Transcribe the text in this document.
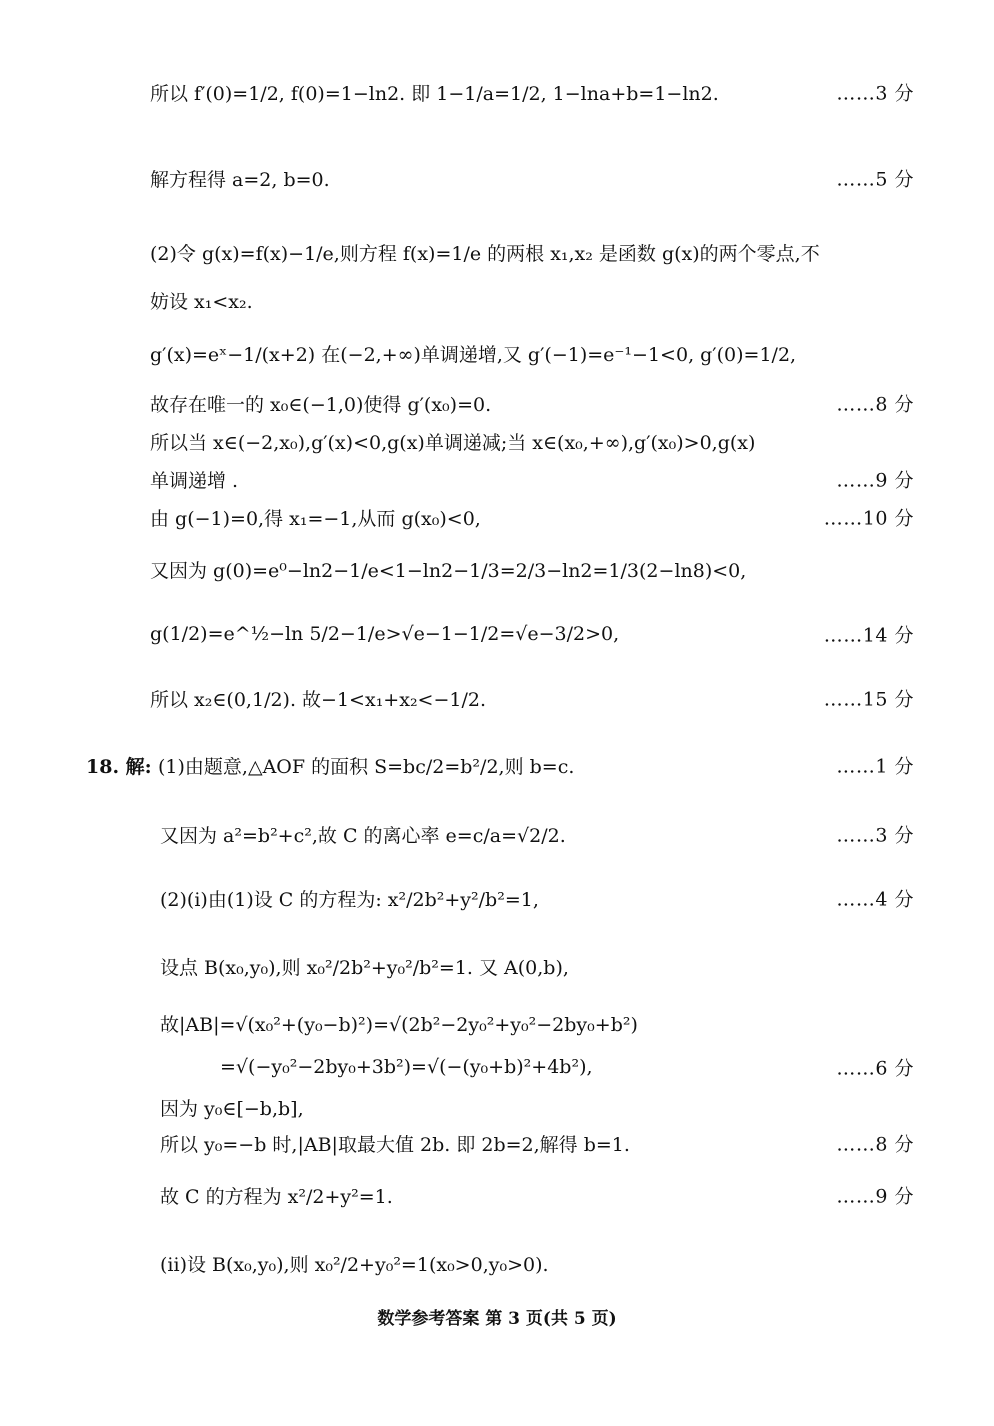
所以 f′(0)=1/2, f(0)=1−ln2. 即 1−1/a=1/2, 1−lna+b=1−ln2.	……3 分
解方程得 a=2, b=0.	……5 分
(2)令 g(x)=f(x)−1/e,则方程 f(x)=1/e 的两根 x₁,x₂ 是函数 g(x)的两个零点,不
妨设 x₁<x₂.
g′(x)=eˣ−1/(x+2) 在(−2,+∞)单调递增,又 g′(−1)=e⁻¹−1<0, g′(0)=1/2,
故存在唯一的 x₀∈(−1,0)使得 g′(x₀)=0.	……8 分
所以当 x∈(−2,x₀),g′(x)<0,g(x)单调递减;当 x∈(x₀,+∞),g′(x₀)>0,g(x)
单调递增 .	……9 分
由 g(−1)=0,得 x₁=−1,从而 g(x₀)<0,	……10 分
又因为 g(0)=e⁰−ln2−1/e<1−ln2−1/3=2/3−ln2=1/3(2−ln8)<0,
g(1/2)=e^½−ln 5/2−1/e>√e−1−1/2=√e−3/2>0,	……14 分
所以 x₂∈(0,1/2). 故−1<x₁+x₂<−1/2.	……15 分
18. 解: (1)由题意,△AOF 的面积 S=bc/2=b²/2,则 b=c.	……1 分
又因为 a²=b²+c²,故 C 的离心率 e=c/a=√2/2.	……3 分
(2)(i)由(1)设 C 的方程为: x²/2b²+y²/b²=1,	……4 分
设点 B(x₀,y₀),则 x₀²/2b²+y₀²/b²=1. 又 A(0,b),
故|AB|=√(x₀²+(y₀−b)²)=√(2b²−2y₀²+y₀²−2by₀+b²)
=√(−y₀²−2by₀+3b²)=√(−(y₀+b)²+4b²),	……6 分
因为 y₀∈[−b,b],
所以 y₀=−b 时,|AB|取最大值 2b. 即 2b=2,解得 b=1.	……8 分
故 C 的方程为 x²/2+y²=1.	……9 分
(ii)设 B(x₀,y₀),则 x₀²/2+y₀²=1(x₀>0,y₀>0).
数学参考答案 第 3 页(共 5 页)
